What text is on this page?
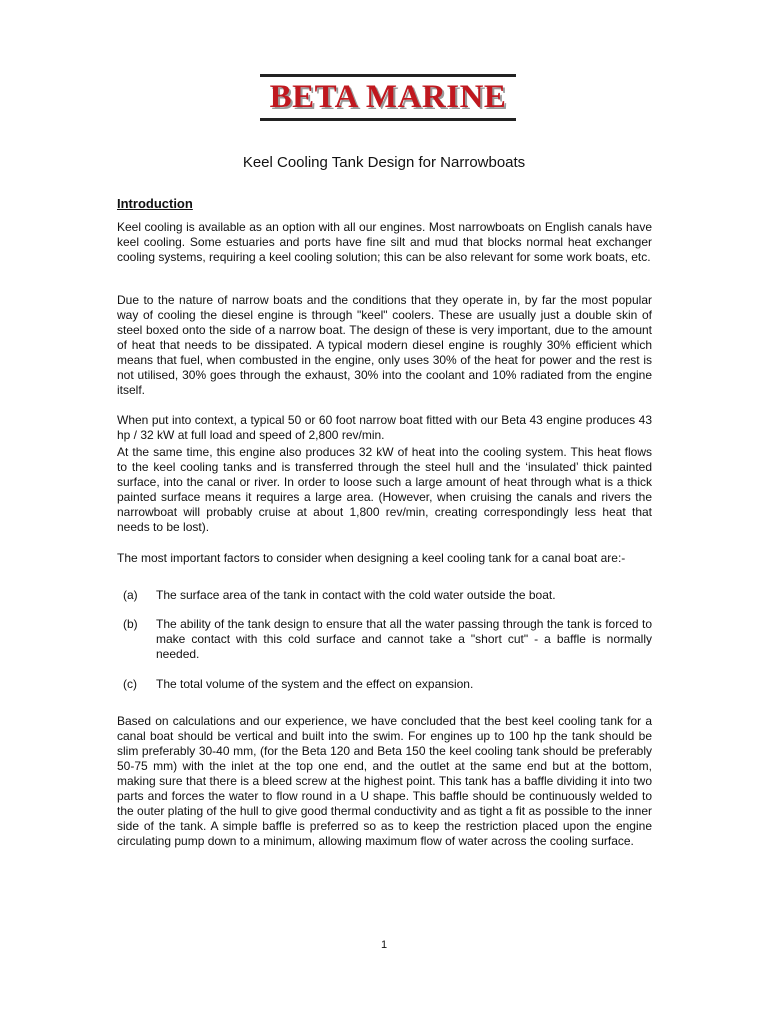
BETA MARINE
Keel Cooling Tank Design for Narrowboats
Introduction

Keel cooling is available as an option with all our engines. Most narrowboats on English canals have keel cooling. Some estuaries and ports have fine silt and mud that blocks normal heat exchanger cooling systems, requiring a keel cooling solution; this can be also relevant for some work boats, etc.

Due to the nature of narrow boats and the conditions that they operate in, by far the most popular way of cooling the diesel engine is through "keel" coolers. These are usually just a double skin of steel boxed onto the side of a narrow boat. The design of these is very important, due to the amount of heat that needs to be dissipated. A typical modern diesel engine is roughly 30% efficient which means that fuel, when combusted in the engine, only uses 30% of the heat for power and the rest is not utilised, 30% goes through the exhaust, 30% into the coolant and 10% radiated from the engine itself.

When put into context, a typical 50 or 60 foot narrow boat fitted with our Beta 43 engine produces 43 hp / 32 kW at full load and speed of 2,800 rev/min.

At the same time, this engine also produces 32 kW of heat into the cooling system. This heat flows to the keel cooling tanks and is transferred through the steel hull and the ‘insulated’ thick painted surface, into the canal or river. In order to loose such a large amount of heat through what is a thick painted surface means it requires a large area. (However, when cruising the canals and rivers the narrowboat will probably cruise at about 1,800 rev/min, creating correspondingly less heat that needs to be lost).

The most important factors to consider when designing a keel cooling tank for a canal boat are:-

(a) The surface area of the tank in contact with the cold water outside the boat.
(b) The ability of the tank design to ensure that all the water passing through the tank is forced to make contact with this cold surface and cannot take a "short cut" - a baffle is normally needed.
(c) The total volume of the system and the effect on expansion.

Based on calculations and our experience, we have concluded that the best keel cooling tank for a canal boat should be vertical and built into the swim. For engines up to 100 hp the tank should be slim preferably 30-40 mm, (for the Beta 120 and Beta 150 the keel cooling tank should be preferably 50-75 mm) with the inlet at the top one end, and the outlet at the same end but at the bottom, making sure that there is a bleed screw at the highest point. This tank has a baffle dividing it into two parts and forces the water to flow round in a U shape. This baffle should be continuously welded to the outer plating of the hull to give good thermal conductivity and as tight a fit as possible to the inner side of the tank. A simple baffle is preferred so as to keep the restriction placed upon the engine circulating pump down to a minimum, allowing maximum flow of water across the cooling surface.

1
